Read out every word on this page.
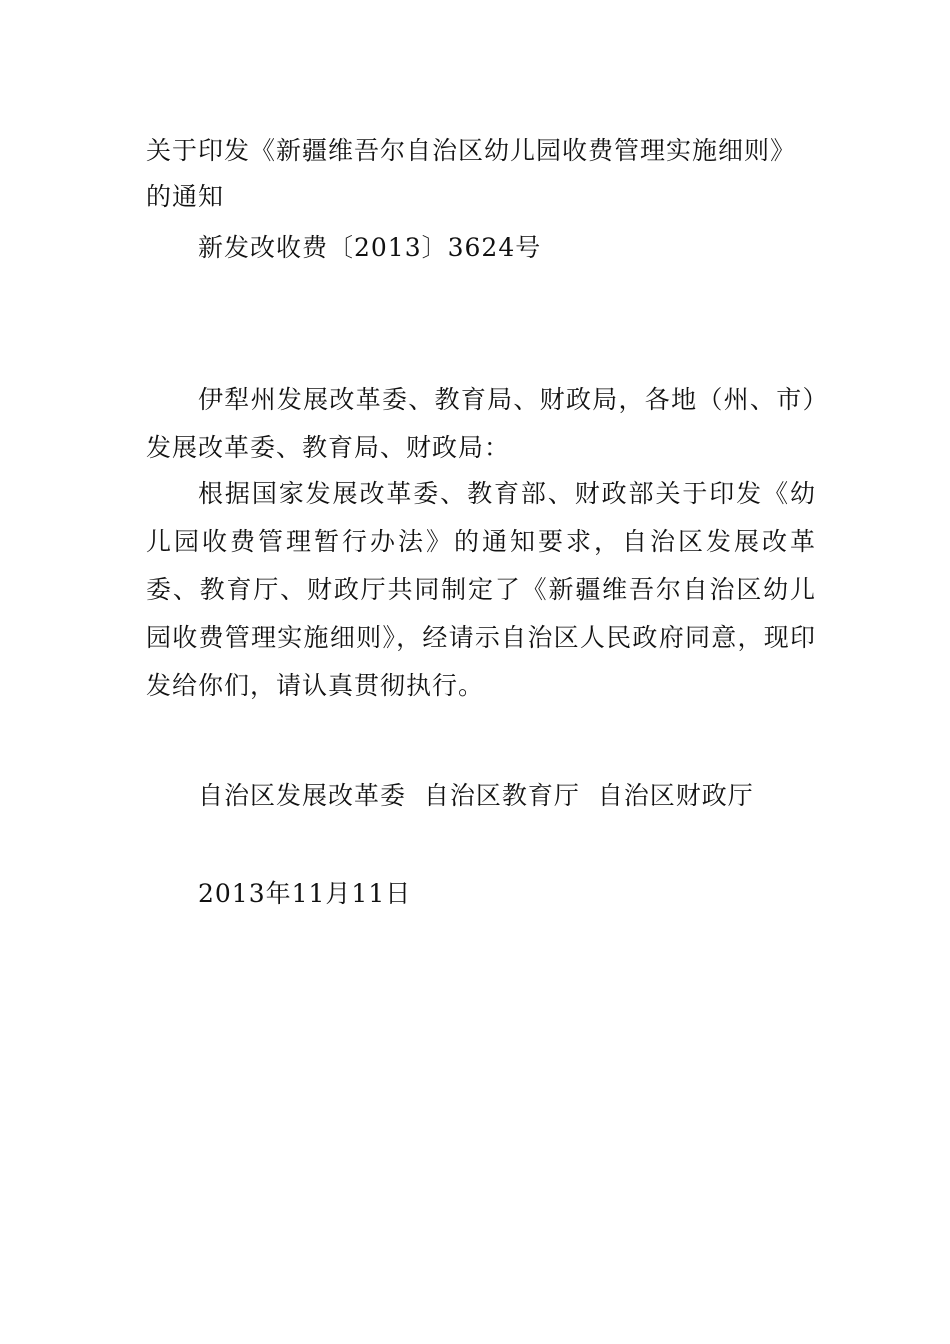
关于印发《新疆维吾尔自治区幼儿园收费管理实施细则》的通知
新发改收费〔2013〕3624号
伊犁州发展改革委、教育局、财政局，各地（州、市）发展改革委、教育局、财政局：
根据国家发展改革委、教育部、财政部关于印发《幼儿园收费管理暂行办法》的通知要求，自治区发展改革委、教育厅、财政厅共同制定了《新疆维吾尔自治区幼儿园收费管理实施细则》，经请示自治区人民政府同意，现印发给你们，请认真贯彻执行。
自治区发展改革委  自治区教育厅  自治区财政厅
2013年11月11日
